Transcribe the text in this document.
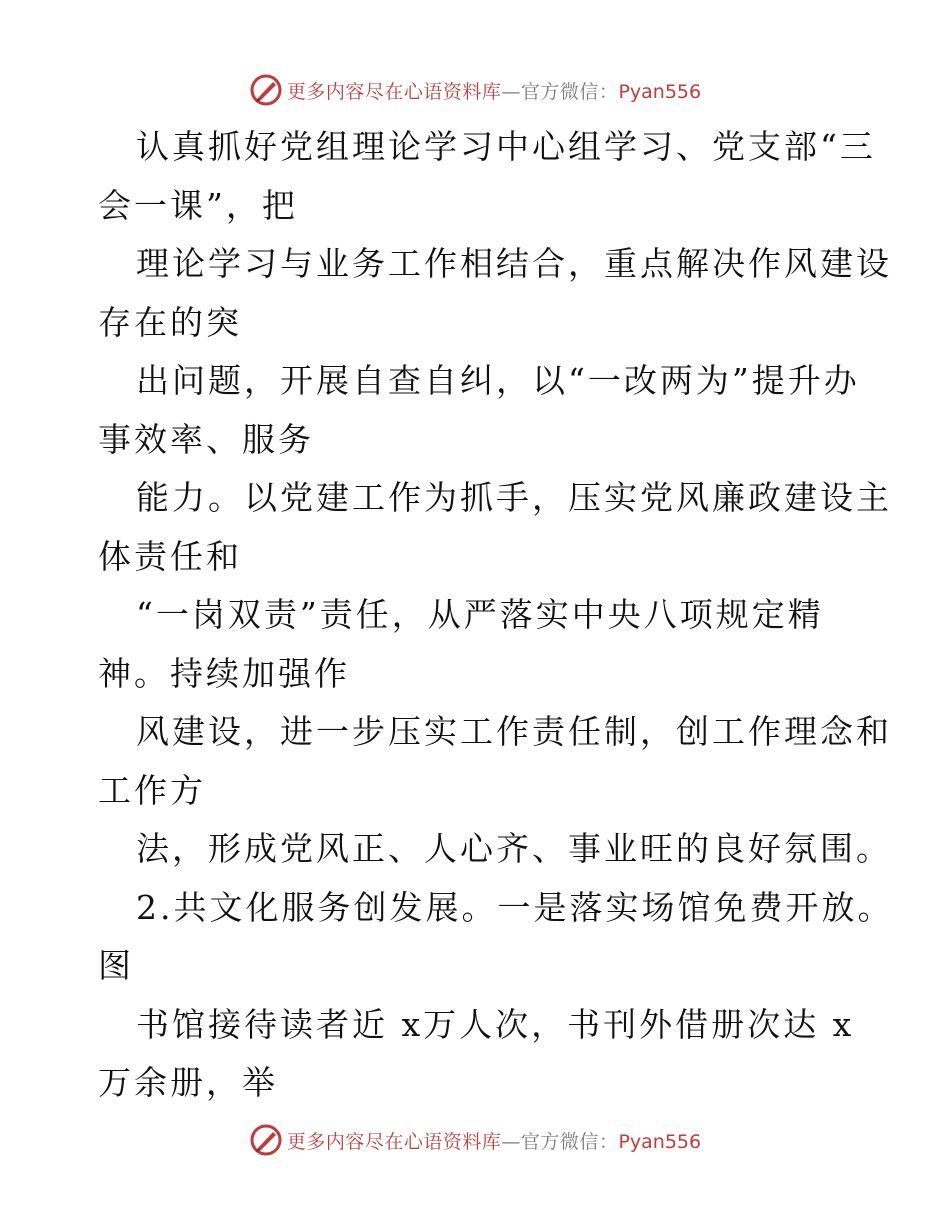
更多内容尽在心语资料库—官方微信：Pyan556
认真抓好党组理论学习中心组学习、党支部“三
会一课”，把
理论学习与业务工作相结合，重点解决作风建设
存在的突
出问题，开展自查自纠，以“一改两为”提升办
事效率、服务
能力。以党建工作为抓手，压实党风廉政建设主
体责任和
“一岗双责”责任，从严落实中央八项规定精
神。持续加强作
风建设，进一步压实工作责任制，创工作理念和
工作方
法，形成党风正、人心齐、事业旺的良好氛围。
2.共文化服务创发展。一是落实场馆免费开放。
图
书馆接待读者近 x万人次，书刊外借册次达 x
万余册，举
更多内容尽在心语资料库—官方微信：Pyan556
